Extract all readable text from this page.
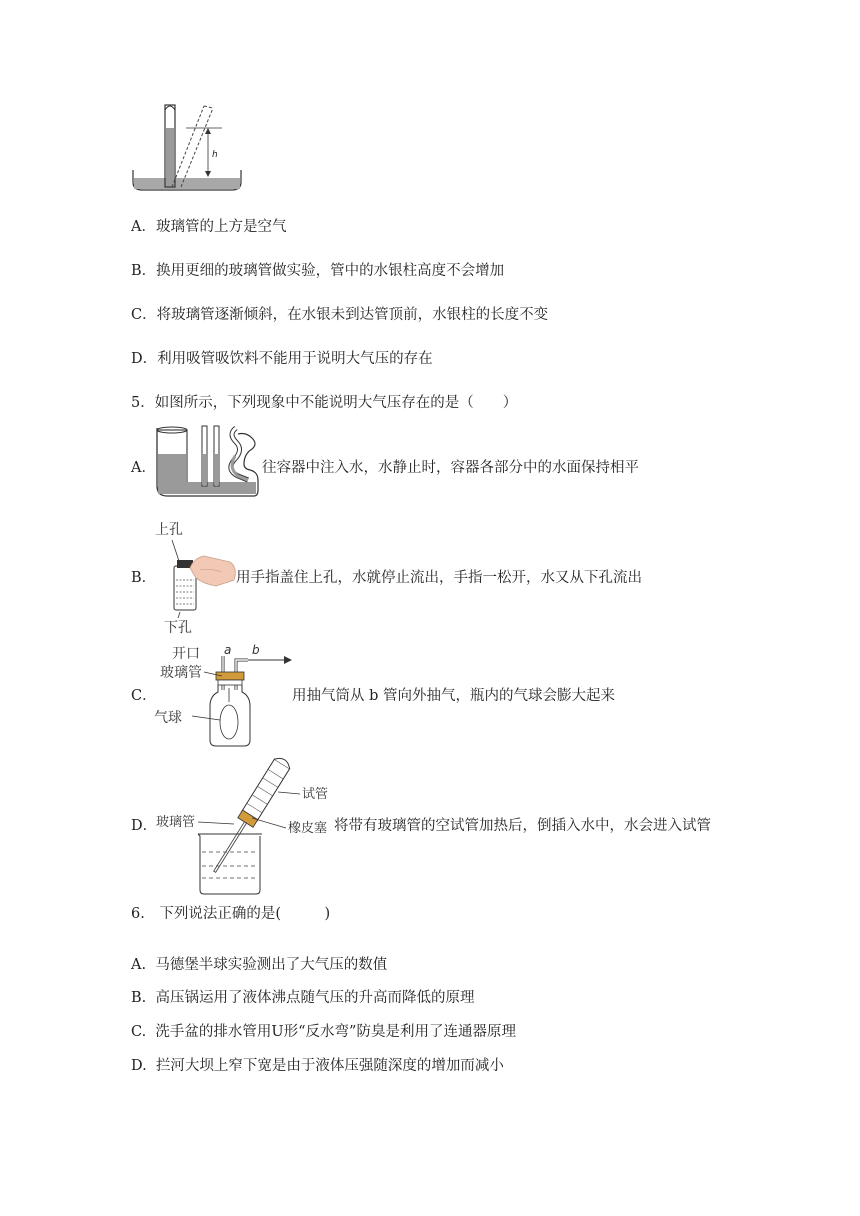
h
A．玻璃管的上方是空气
B．换用更细的玻璃管做实验，管中的水银柱高度不会增加
C．将玻璃管逐渐倾斜，在水银未到达管顶前，水银柱的长度不变
D．利用吸管吸饮料不能用于说明大气压的存在
5．如图所示，下列现象中不能说明大气压存在的是（　　）
A．	往容器中注入水，水静止时，容器各部分中的水面保持相平
B．
上孔
下孔
用手指盖住上孔，水就停止流出，手指一松开，水又从下孔流出
C．
开口
玻璃管
气球
a b
用抽气筒从 b 管向外抽气，瓶内的气球会膨大起来
D．
玻璃管
试管
橡皮塞 将带有玻璃管的空试管加热后，倒插入水中，水会进入试管
6.　下列说法正确的是(　　　)
A. 马德堡半球实验测出了大气压的数值
B. 高压锅运用了液体沸点随气压的升高而降低的原理
C. 洗手盆的排水管用U形“反水弯”防臭是利用了连通器原理
D. 拦河大坝上窄下宽是由于液体压强随深度的增加而减小
